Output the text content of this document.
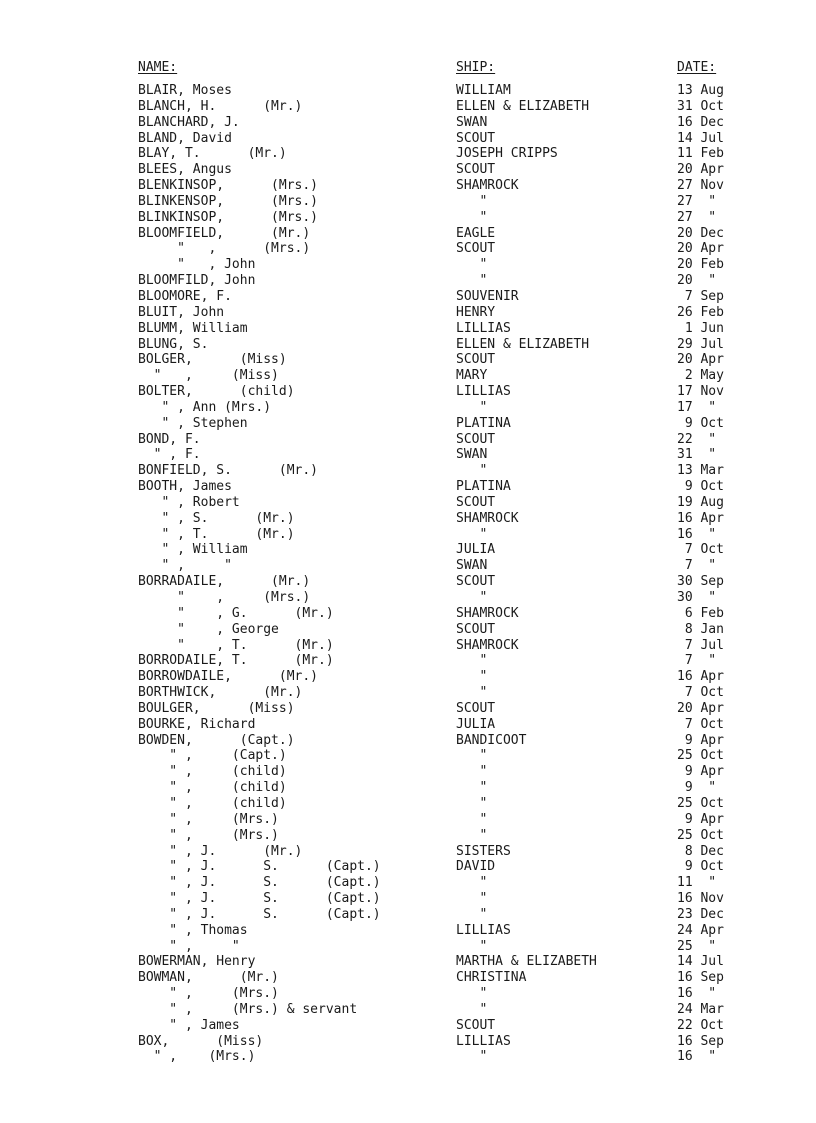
NAME:	SHIP:	DATE:
BLAIR, Moses	WILLIAM	13 Aug
BLANCH, H.      (Mr.)	ELLEN & ELIZABETH	31 Oct
BLANCHARD, J.	SWAN	16 Dec
BLAND, David	SCOUT	14 Jul
BLAY, T.      (Mr.)	JOSEPH CRIPPS	11 Feb
BLEES, Angus	SCOUT	20 Apr
BLENKINSOP,      (Mrs.)	SHAMROCK	27 Nov
BLINKENSOP,      (Mrs.)	"	27  "
BLINKINSOP,      (Mrs.)	"	27  "
BLOOMFIELD,      (Mr.)	EAGLE	20 Dec
"   ,      (Mrs.)	SCOUT	20 Apr
"   , John	"	20 Feb
BLOOMFILD, John	"	20  "
BLOOMORE, F.	SOUVENIR	7 Sep
BLUIT, John	HENRY	26 Feb
BLUMM, William	LILLIAS	1 Jun
BLUNG, S.	ELLEN & ELIZABETH	29 Jul
BOLGER,      (Miss)	SCOUT	20 Apr
"   ,     (Miss)	MARY	2 May
BOLTER,      (child)	LILLIAS	17 Nov
" , Ann (Mrs.)	"	17  "
" , Stephen	PLATINA	9 Oct
BOND, F.	SCOUT	22  "
" , F.	SWAN	31  "
BONFIELD, S.      (Mr.)	"	13 Mar
BOOTH, James	PLATINA	9 Oct
" , Robert	SCOUT	19 Aug
" , S.      (Mr.)	SHAMROCK	16 Apr
" , T.      (Mr.)	"	16  "
" , William	JULIA	7 Oct
" ,     "	SWAN	7  "
BORRADAILE,      (Mr.)	SCOUT	30 Sep
"    ,     (Mrs.)	"	30  "
"    , G.      (Mr.)	SHAMROCK	6 Feb
"    , George	SCOUT	8 Jan
"    , T.      (Mr.)	SHAMROCK	7 Jul
BORRODAILE, T.      (Mr.)	"	7  "
BORROWDAILE,      (Mr.)	"	16 Apr
BORTHWICK,      (Mr.)	"	7 Oct
BOULGER,      (Miss)	SCOUT	20 Apr
BOURKE, Richard	JULIA	7 Oct
BOWDEN,      (Capt.)	BANDICOOT	9 Apr
" ,     (Capt.)	"	25 Oct
" ,     (child)	"	9 Apr
" ,     (child)	"	9  "
" ,     (child)	"	25 Oct
" ,     (Mrs.)	"	9 Apr
" ,     (Mrs.)	"	25 Oct
" , J.      (Mr.)	SISTERS	8 Dec
" , J.      S.      (Capt.)	DAVID	9 Oct
" , J.      S.      (Capt.)	"	11  "
" , J.      S.      (Capt.)	"	16 Nov
" , J.      S.      (Capt.)	"	23 Dec
" , Thomas	LILLIAS	24 Apr
" ,     "	"	25  "
BOWERMAN, Henry	MARTHA & ELIZABETH	14 Jul
BOWMAN,      (Mr.)	CHRISTINA	16 Sep
" ,     (Mrs.)	"	16  "
" ,     (Mrs.) & servant	"	24 Mar
" , James	SCOUT	22 Oct
BOX,      (Miss)	LILLIAS	16 Sep
" ,    (Mrs.)	"	16  "
